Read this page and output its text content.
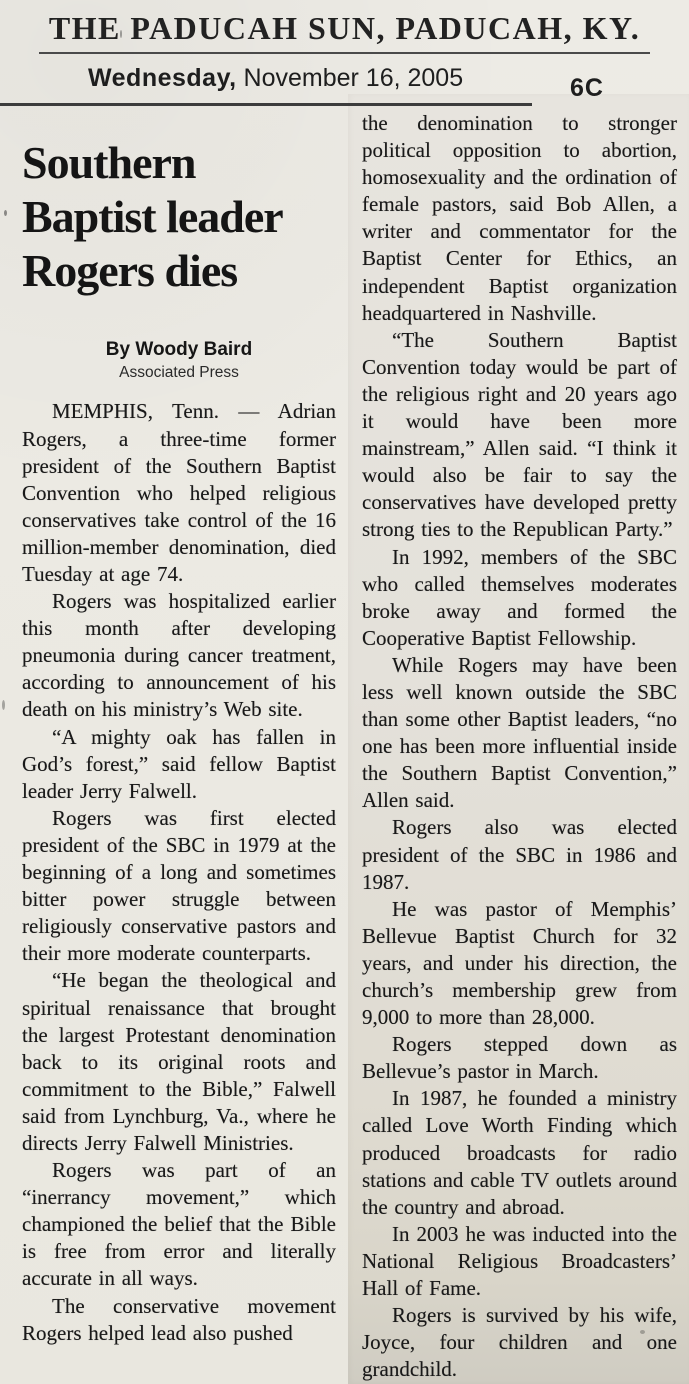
THE PADUCAH SUN, PADUCAH, KY.
Wednesday, November 16, 2005	6C
Southern Baptist leader Rogers dies
By Woody Baird
Associated Press

MEMPHIS, Tenn. — Adrian Rogers, a three-time former president of the Southern Baptist Convention who helped religious conservatives take control of the 16 million-member denomination, died Tuesday at age 74.

Rogers was hospitalized earlier this month after developing pneumonia during cancer treatment, according to announcement of his death on his ministry’s Web site.

“A mighty oak has fallen in God’s forest,” said fellow Baptist leader Jerry Falwell.

Rogers was first elected president of the SBC in 1979 at the beginning of a long and sometimes bitter power struggle between religiously conservative pastors and their more moderate counterparts.

“He began the theological and spiritual renaissance that brought the largest Protestant denomination back to its original roots and commitment to the Bible,” Falwell said from Lynchburg, Va., where he directs Jerry Falwell Ministries.

Rogers was part of an “inerrancy movement,” which championed the belief that the Bible is free from error and literally accurate in all ways.

The conservative movement Rogers helped lead also pushed

the denomination to stronger political opposition to abortion, homosexuality and the ordination of female pastors, said Bob Allen, a writer and commentator for the Baptist Center for Ethics, an independent Baptist organization headquartered in Nashville.

“The Southern Baptist Convention today would be part of the religious right and 20 years ago it would have been more mainstream,” Allen said. “I think it would also be fair to say the conservatives have developed pretty strong ties to the Republican Party.”

In 1992, members of the SBC who called themselves moderates broke away and formed the Cooperative Baptist Fellowship.

While Rogers may have been less well known outside the SBC than some other Baptist leaders, “no one has been more influential inside the Southern Baptist Convention,” Allen said.

Rogers also was elected president of the SBC in 1986 and 1987.

He was pastor of Memphis’ Bellevue Baptist Church for 32 years, and under his direction, the church’s membership grew from 9,000 to more than 28,000.

Rogers stepped down as Bellevue’s pastor in March.

In 1987, he founded a ministry called Love Worth Finding which produced broadcasts for radio stations and cable TV outlets around the country and abroad.

In 2003 he was inducted into the National Religious Broadcasters’ Hall of Fame.

Rogers is survived by his wife, Joyce, four children and one grandchild.
